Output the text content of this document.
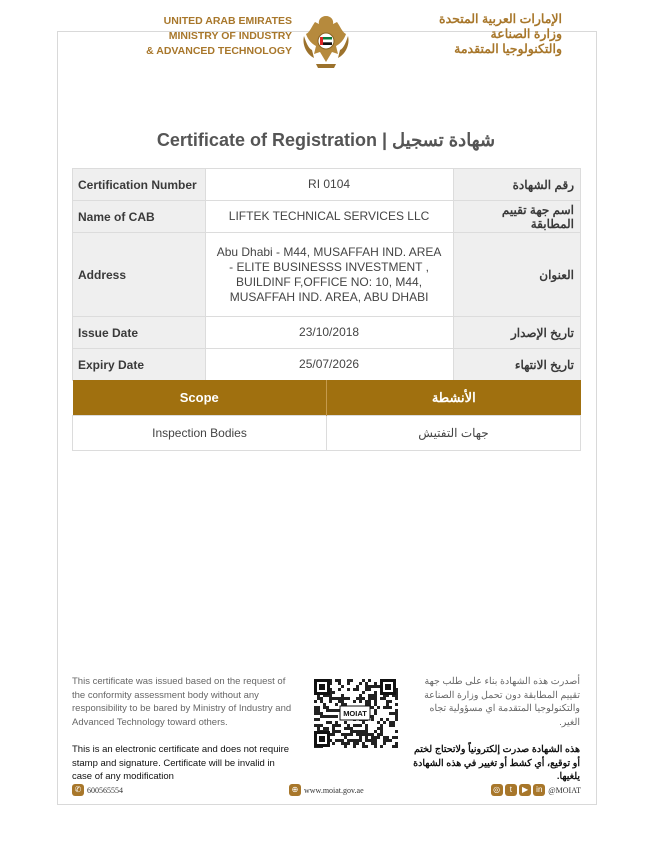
UNITED ARAB EMIRATES
MINISTRY OF INDUSTRY
& ADVANCED TECHNOLOGY
الإمارات العربية المتحدة
وزارة الصناعة
والتكنولوجيا المتقدمة
Certificate of Registration | شهادة تسجيل
Certification Number	RI 0104	رقم الشهادة
Name of CAB	LIFTEK TECHNICAL SERVICES LLC	اسم جهة تقييم المطابقة
Address	Abu Dhabi - M44, MUSAFFAH IND. AREA - ELITE BUSINESSS INVESTMENT , BUILDINF F,OFFICE NO: 10, M44, MUSAFFAH IND. AREA, ABU DHABI	العنوان
Issue Date	23/10/2018	تاريخ الإصدار
Expiry Date	25/07/2026	تاريخ الانتهاء
Scope	الأنشطة
Inspection Bodies	جهات التفتيش
This certificate was issued based on the request of the conformity assessment body without any responsibility to be bared by Ministry of Industry and Advanced Technology toward others.
This is an electronic certificate and does not require stamp and signature. Certificate will be invalid in case of any modification
MOIAT
أصدرت هذه الشهادة بناء على طلب جهة تقييم المطابقة دون تحمل وزارة الصناعة والتكنولوجيا المتقدمة اي مسؤولية تجاه الغير.
هذه الشهادة صدرت إلكترونياً ولاتحتاج لختم أو توقيع، أي كشط أو تغيير في هذه الشهادة يلغيها.
✆ 600565554	⊕ www.moiat.gov.ae	◎ t ▶ in @MOIAT
